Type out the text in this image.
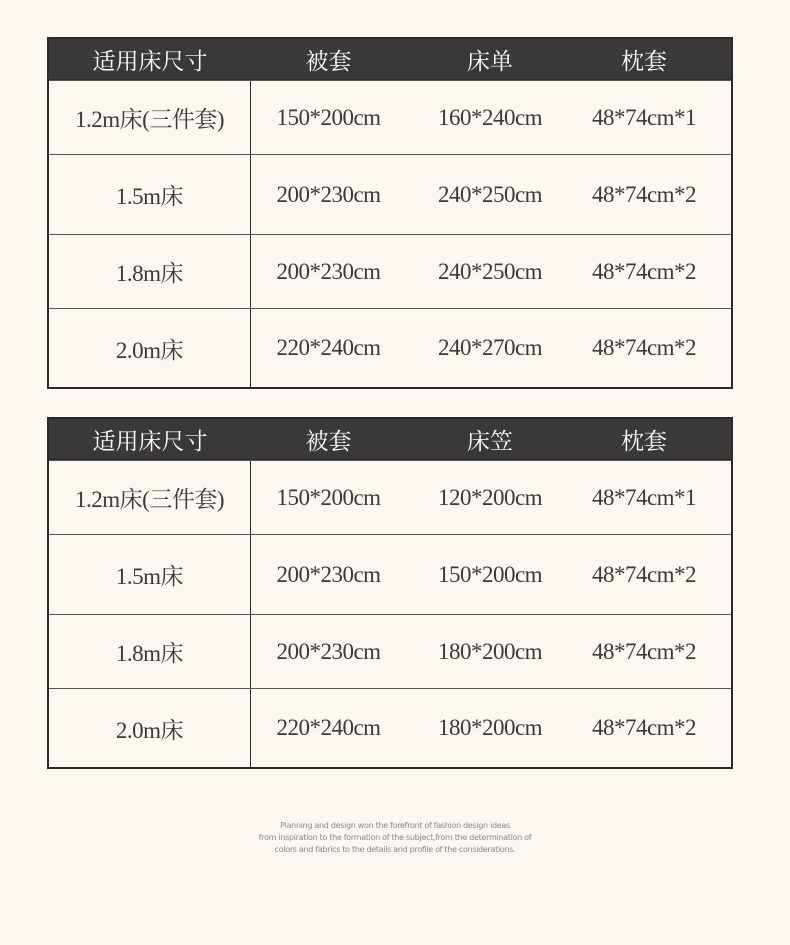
适用床尺寸	被套	床单	枕套
1.2m床(三件套)	150*200cm	160*240cm	48*74cm*1
1.5m床	200*230cm	240*250cm	48*74cm*2
1.8m床	200*230cm	240*250cm	48*74cm*2
2.0m床	220*240cm	240*270cm	48*74cm*2
适用床尺寸	被套	床笠	枕套
1.2m床(三件套)	150*200cm	120*200cm	48*74cm*1
1.5m床	200*230cm	150*200cm	48*74cm*2
1.8m床	200*230cm	180*200cm	48*74cm*2
2.0m床	220*240cm	180*200cm	48*74cm*2
Planning and design won the forefront of fashion design ideas
from inspiration to the formation of the subject,from the determination of
colors and fabrics to the details and profile of the considerations.
